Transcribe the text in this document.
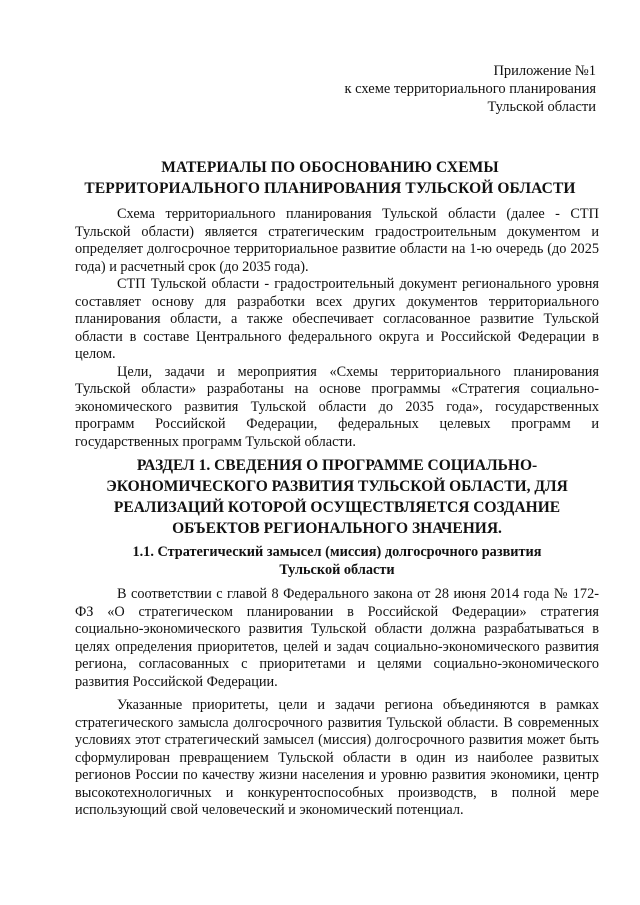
Приложение №1
к схеме территориального планирования
Тульской области
МАТЕРИАЛЫ ПО ОБОСНОВАНИЮ СХЕМЫ
ТЕРРИТОРИАЛЬНОГО ПЛАНИРОВАНИЯ ТУЛЬСКОЙ ОБЛАСТИ

Схема территориального планирования Тульской области (далее - СТП Тульской области) является стратегическим градостроительным документом и определяет долгосрочное территориальное развитие области на 1-ю очередь (до 2025 года) и расчетный срок (до 2035 года).

СТП Тульской области - градостроительный документ регионального уровня составляет основу для разработки всех других документов территориального планирования области, а также обеспечивает согласованное развитие Тульской области в составе Центрального федерального округа и Российской Федерации в целом.

Цели, задачи и мероприятия «Схемы территориального планирования Тульской области» разработаны на основе программы «Стратегия социально-экономического развития Тульской области до 2035 года», государственных программ Российской Федерации, федеральных целевых программ и государственных программ Тульской области.

РАЗДЕЛ 1. СВЕДЕНИЯ О ПРОГРАММЕ СОЦИАЛЬНО-
ЭКОНОМИЧЕСКОГО РАЗВИТИЯ ТУЛЬСКОЙ ОБЛАСТИ, ДЛЯ
РЕАЛИЗАЦИЙ КОТОРОЙ ОСУЩЕСТВЛЯЕТСЯ СОЗДАНИЕ
ОБЪЕКТОВ РЕГИОНАЛЬНОГО ЗНАЧЕНИЯ.
1.1. Стратегический замысел (миссия) долгосрочного развития
Тульской области

В соответствии с главой 8 Федерального закона от 28 июня 2014 года № 172-ФЗ «О стратегическом планировании в Российской Федерации» стратегия социально-экономического развития Тульской области должна разрабатываться в целях определения приоритетов, целей и задач социально-экономического развития региона, согласованных с приоритетами и целями социально-экономического развития Российской Федерации.

Указанные приоритеты, цели и задачи региона объединяются в рамках стратегического замысла долгосрочного развития Тульской области. В современных условиях этот стратегический замысел (миссия) долгосрочного развития может быть сформулирован превращением Тульской области в один из наиболее развитых регионов России по качеству жизни населения и уровню развития экономики, центр высокотехнологичных и конкурентоспособных производств, в полной мере использующий свой человеческий и экономический потенциал.
